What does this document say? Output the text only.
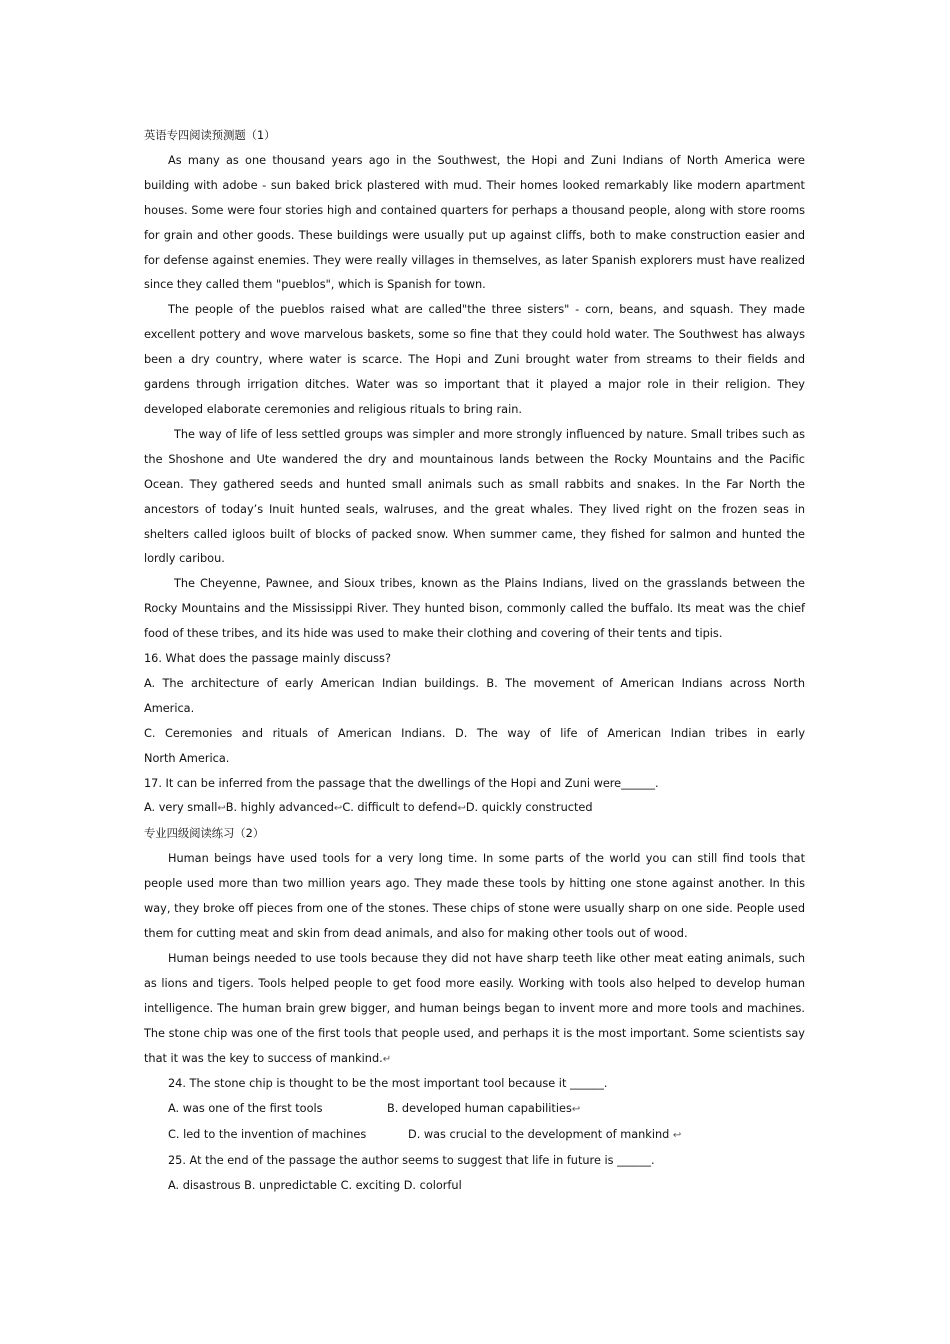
英语专四阅读预测题（1）
As many as one thousand years ago in the Southwest, the Hopi and Zuni Indians of North America were building with adobe - sun baked brick plastered with mud. Their homes looked remarkably like modern apartment houses. Some were four stories high and contained quarters for perhaps a thousand people, along with store rooms for grain and other goods. These buildings were usually put up against cliffs, both to make construction easier and for defense against enemies. They were really villages in themselves, as later Spanish explorers must have realized since they called them "pueblos", which is Spanish for town.
The people of the pueblos raised what are called"the three sisters" - corn, beans, and squash. They made excellent pottery and wove marvelous baskets, some so fine that they could hold water. The Southwest has always been a dry country, where water is scarce. The Hopi and Zuni brought water from streams to their fields and gardens through irrigation ditches. Water was so important that it played a major role in their religion. They developed elaborate ceremonies and religious rituals to bring rain.
The way of life of less settled groups was simpler and more strongly influenced by nature. Small tribes such as the Shoshone and Ute wandered the dry and mountainous lands between the Rocky Mountains and the Pacific Ocean. They gathered seeds and hunted small animals such as small rabbits and snakes. In the Far North the ancestors of today’s Inuit hunted seals, walruses, and the great whales. They lived right on the frozen seas in shelters called igloos built of blocks of packed snow. When summer came, they fished for salmon and hunted the lordly caribou.
The Cheyenne, Pawnee, and Sioux tribes, known as the Plains Indians, lived on the grasslands between the Rocky Mountains and the Mississippi River. They hunted bison, commonly called the buffalo. Its meat was the chief food of these tribes, and its hide was used to make their clothing and covering of their tents and tipis.
16. What does the passage mainly discuss?
A. The architecture of early American Indian buildings. B. The movement of American Indians across North
America.
C. Ceremonies and rituals of American Indians. D. The way of life of American Indian tribes in early
North America.
17. It can be inferred from the passage that the dwellings of the Hopi and Zuni were______.
A. very small↩B. highly advanced↩C. difficult to defend↩D. quickly constructed
专业四级阅读练习（2）
Human beings have used tools for a very long time. In some parts of the world you can still find tools that people used more than two million years ago. They made these tools by hitting one stone against another. In this way, they broke off pieces from one of the stones. These chips of stone were usually sharp on one side. People used them for cutting meat and skin from dead animals, and also for making other tools out of wood.
Human beings needed to use tools because they did not have sharp teeth like other meat eating animals, such as lions and tigers. Tools helped people to get food more easily. Working with tools also helped to develop human intelligence. The human brain grew bigger, and human beings began to invent more and more tools and machines. The stone chip was one of the first tools that people used, and perhaps it is the most important. Some scientists say that it was the key to success of mankind.↵
24. The stone chip is thought to be the most important tool because it ______.
A. was one of the first tools	B. developed human capabilities↩
C. led to the invention of machines	D. was crucial to the development of mankind ↩
25. At the end of the passage the author seems to suggest that life in future is ______.
A. disastrous B. unpredictable C. exciting D. colorful
